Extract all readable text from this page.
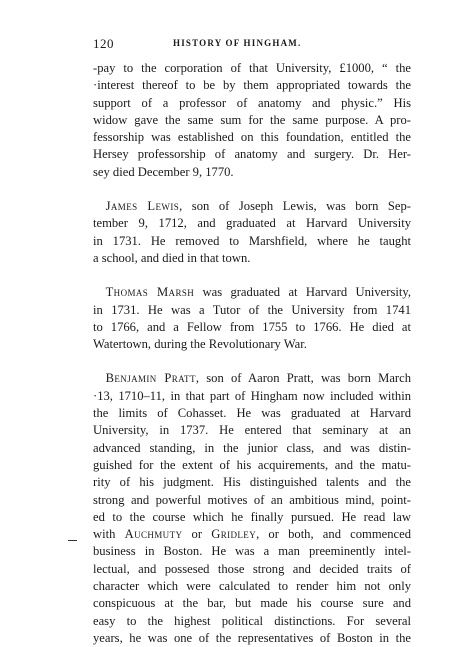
120	HISTORY OF HINGHAM.
-pay to the corporation of that University, £1000, “ the
·interest thereof to be by them appropriated towards the
support of a professor of anatomy and physic.” His
widow gave the same sum for the same purpose. A pro-
fessorship was established on this foundation, entitled the
Hersey professorship of anatomy and surgery. Dr. Her-
sey died December 9, 1770.
 James Lewis, son of Joseph Lewis, was born Sep-
tember 9, 1712, and graduated at Harvard University
in 1731. He removed to Marshfield, where he taught
a school, and died in that town.
 Thomas Marsh was graduated at Harvard University,
in 1731. He was a Tutor of the University from 1741
to 1766, and a Fellow from 1755 to 1766. He died at
Watertown, during the Revolutionary War.
 Benjamin Pratt, son of Aaron Pratt, was born March
·13, 1710–11, in that part of Hingham now included within
the limits of Cohasset. He was graduated at Harvard
University, in 1737. He entered that seminary at an
advanced standing, in the junior class, and was distin-
guished for the extent of his acquirements, and the matu-
rity of his judgment. His distinguished talents and the
strong and powerful motives of an ambitious mind, point-
ed to the course which he finally pursued. He read law
with Auchmuty or Gridley, or both, and commenced
business in Boston. He was a man preeminently intel-
lectual, and possesed those strong and decided traits of
character which were calculated to render him not only
conspicuous at the bar, but made his course sure and
easy to the highest political distinctions. For several
years, he was one of the representatives of Boston in the
